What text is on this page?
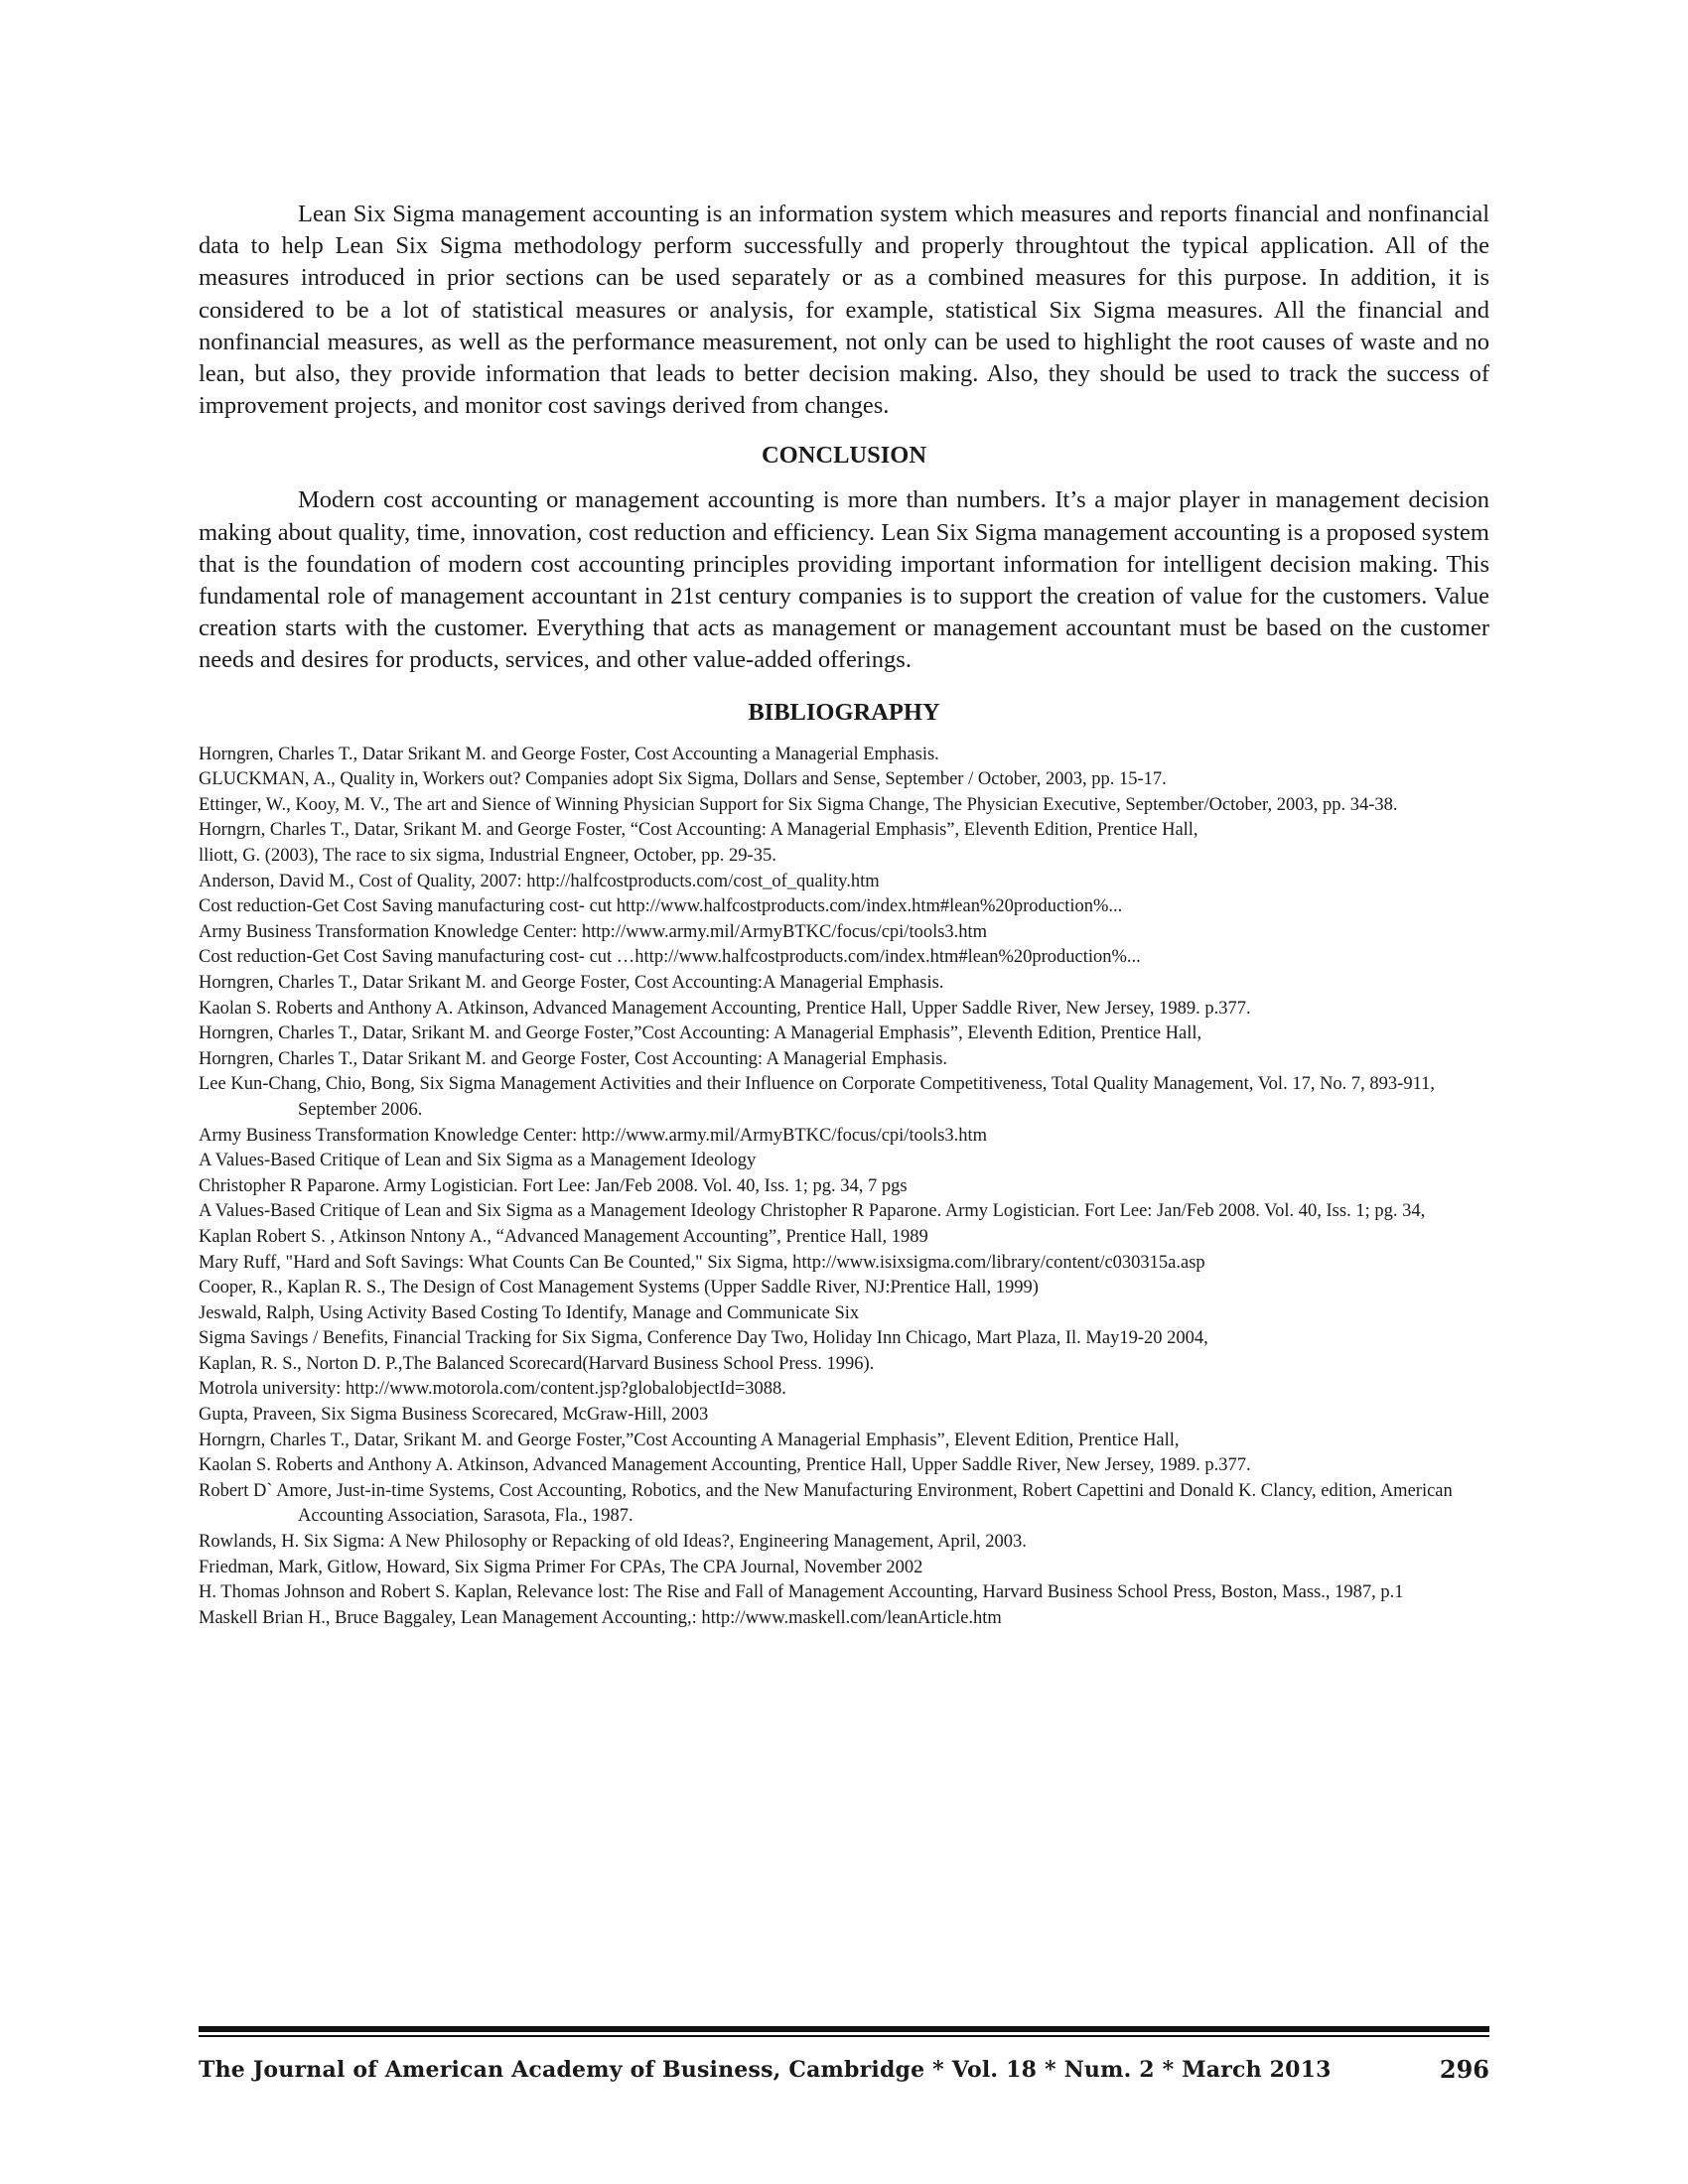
Lean Six Sigma management accounting is an information system which measures and reports financial and nonfinancial data to help Lean Six Sigma methodology perform successfully and properly throughtout the typical application. All of the measures introduced in prior sections can be used separately or as a combined measures for this purpose. In addition, it is considered to be a lot of statistical measures or analysis, for example, statistical Six Sigma measures. All the financial and nonfinancial measures, as well as the performance measurement, not only can be used to highlight the root causes of waste and no lean, but also, they provide information that leads to better decision making. Also, they should be used to track the success of improvement projects, and monitor cost savings derived from changes.

CONCLUSION

Modern cost accounting or management accounting is more than numbers. It’s a major player in management decision making about quality, time, innovation, cost reduction and efficiency. Lean Six Sigma management accounting is a proposed system that is the foundation of modern cost accounting principles providing important information for intelligent decision making. This fundamental role of management accountant in 21st century companies is to support the creation of value for the customers. Value creation starts with the customer. Everything that acts as management or management accountant must be based on the customer needs and desires for products, services, and other value-added offerings.

BIBLIOGRAPHY
Horngren, Charles T., Datar Srikant M. and George Foster, Cost Accounting a Managerial Emphasis.
GLUCKMAN, A., Quality in, Workers out? Companies adopt Six Sigma, Dollars and Sense, September / October, 2003, pp. 15-17.
Ettinger, W., Kooy, M. V., The art and Sience of Winning Physician Support for Six Sigma Change, The Physician Executive, September/October, 2003, pp. 34-38.
Horngrn, Charles T., Datar, Srikant M. and George Foster, “Cost Accounting: A Managerial Emphasis”, Eleventh Edition, Prentice Hall,
lliott, G. (2003), The race to six sigma, Industrial Engneer, October, pp. 29-35.
Anderson, David M., Cost of Quality, 2007: http://halfcostproducts.com/cost_of_quality.htm
Cost reduction-Get Cost Saving manufacturing cost- cut http://www.halfcostproducts.com/index.htm#lean%20production%...
Army Business Transformation Knowledge Center: http://www.army.mil/ArmyBTKC/focus/cpi/tools3.htm
Cost reduction-Get Cost Saving manufacturing cost- cut …http://www.halfcostproducts.com/index.htm#lean%20production%...
Horngren, Charles T., Datar Srikant M. and George Foster, Cost Accounting:A Managerial Emphasis.
Kaolan S. Roberts and Anthony A. Atkinson, Advanced Management Accounting, Prentice Hall, Upper Saddle River, New Jersey, 1989. p.377.
Horngren, Charles T., Datar, Srikant M. and George Foster,”Cost Accounting: A Managerial Emphasis”, Eleventh Edition, Prentice Hall,
Horngren, Charles T., Datar Srikant M. and George Foster, Cost Accounting: A Managerial Emphasis.
Lee Kun-Chang, Chio, Bong, Six Sigma Management Activities and their Influence on Corporate Competitiveness, Total Quality Management, Vol. 17, No. 7, 893-911, September 2006.
Army Business Transformation Knowledge Center: http://www.army.mil/ArmyBTKC/focus/cpi/tools3.htm
A Values-Based Critique of Lean and Six Sigma as a Management Ideology
Christopher R Paparone. Army Logistician. Fort Lee: Jan/Feb 2008. Vol. 40, Iss. 1; pg. 34, 7 pgs
A Values-Based Critique of Lean and Six Sigma as a Management Ideology Christopher R Paparone. Army Logistician. Fort Lee: Jan/Feb 2008. Vol. 40, Iss. 1; pg. 34,
Kaplan Robert S. , Atkinson Nntony A., “Advanced Management Accounting”, Prentice Hall, 1989
Mary Ruff, "Hard and Soft Savings: What Counts Can Be Counted," Six Sigma, http://www.isixsigma.com/library/content/c030315a.asp
Cooper, R., Kaplan R. S., The Design of Cost Management Systems (Upper Saddle River, NJ:Prentice Hall, 1999)
Jeswald, Ralph, Using Activity Based Costing To Identify, Manage and Communicate Six
Sigma Savings / Benefits, Financial Tracking for Six Sigma, Conference Day Two, Holiday Inn Chicago, Mart Plaza, Il. May19-20 2004,
Kaplan, R. S., Norton D. P.,The Balanced Scorecard(Harvard Business School Press. 1996).
Motrola university: http://www.motorola.com/content.jsp?globalobjectId=3088.
Gupta, Praveen, Six Sigma Business Scorecared, McGraw-Hill, 2003
Horngrn, Charles T., Datar, Srikant M. and George Foster,”Cost Accounting A Managerial Emphasis”, Elevent Edition, Prentice Hall,
Kaolan S. Roberts and Anthony A. Atkinson, Advanced Management Accounting, Prentice Hall, Upper Saddle River, New Jersey, 1989. p.377.
Robert D` Amore, Just-in-time Systems, Cost Accounting, Robotics, and the New Manufacturing Environment, Robert Capettini and Donald K. Clancy, edition, American Accounting Association, Sarasota, Fla., 1987.
Rowlands, H. Six Sigma: A New Philosophy or Repacking of old Ideas?, Engineering Management, April, 2003.
Friedman, Mark, Gitlow, Howard, Six Sigma Primer For CPAs, The CPA Journal, November 2002
H. Thomas Johnson and Robert S. Kaplan, Relevance lost: The Rise and Fall of Management Accounting, Harvard Business School Press, Boston, Mass., 1987, p.1
Maskell Brian H., Bruce Baggaley, Lean Management Accounting,: http://www.maskell.com/leanArticle.htm
The Journal of American Academy of Business, Cambridge * Vol. 18 * Num. 2 * March 2013	296
